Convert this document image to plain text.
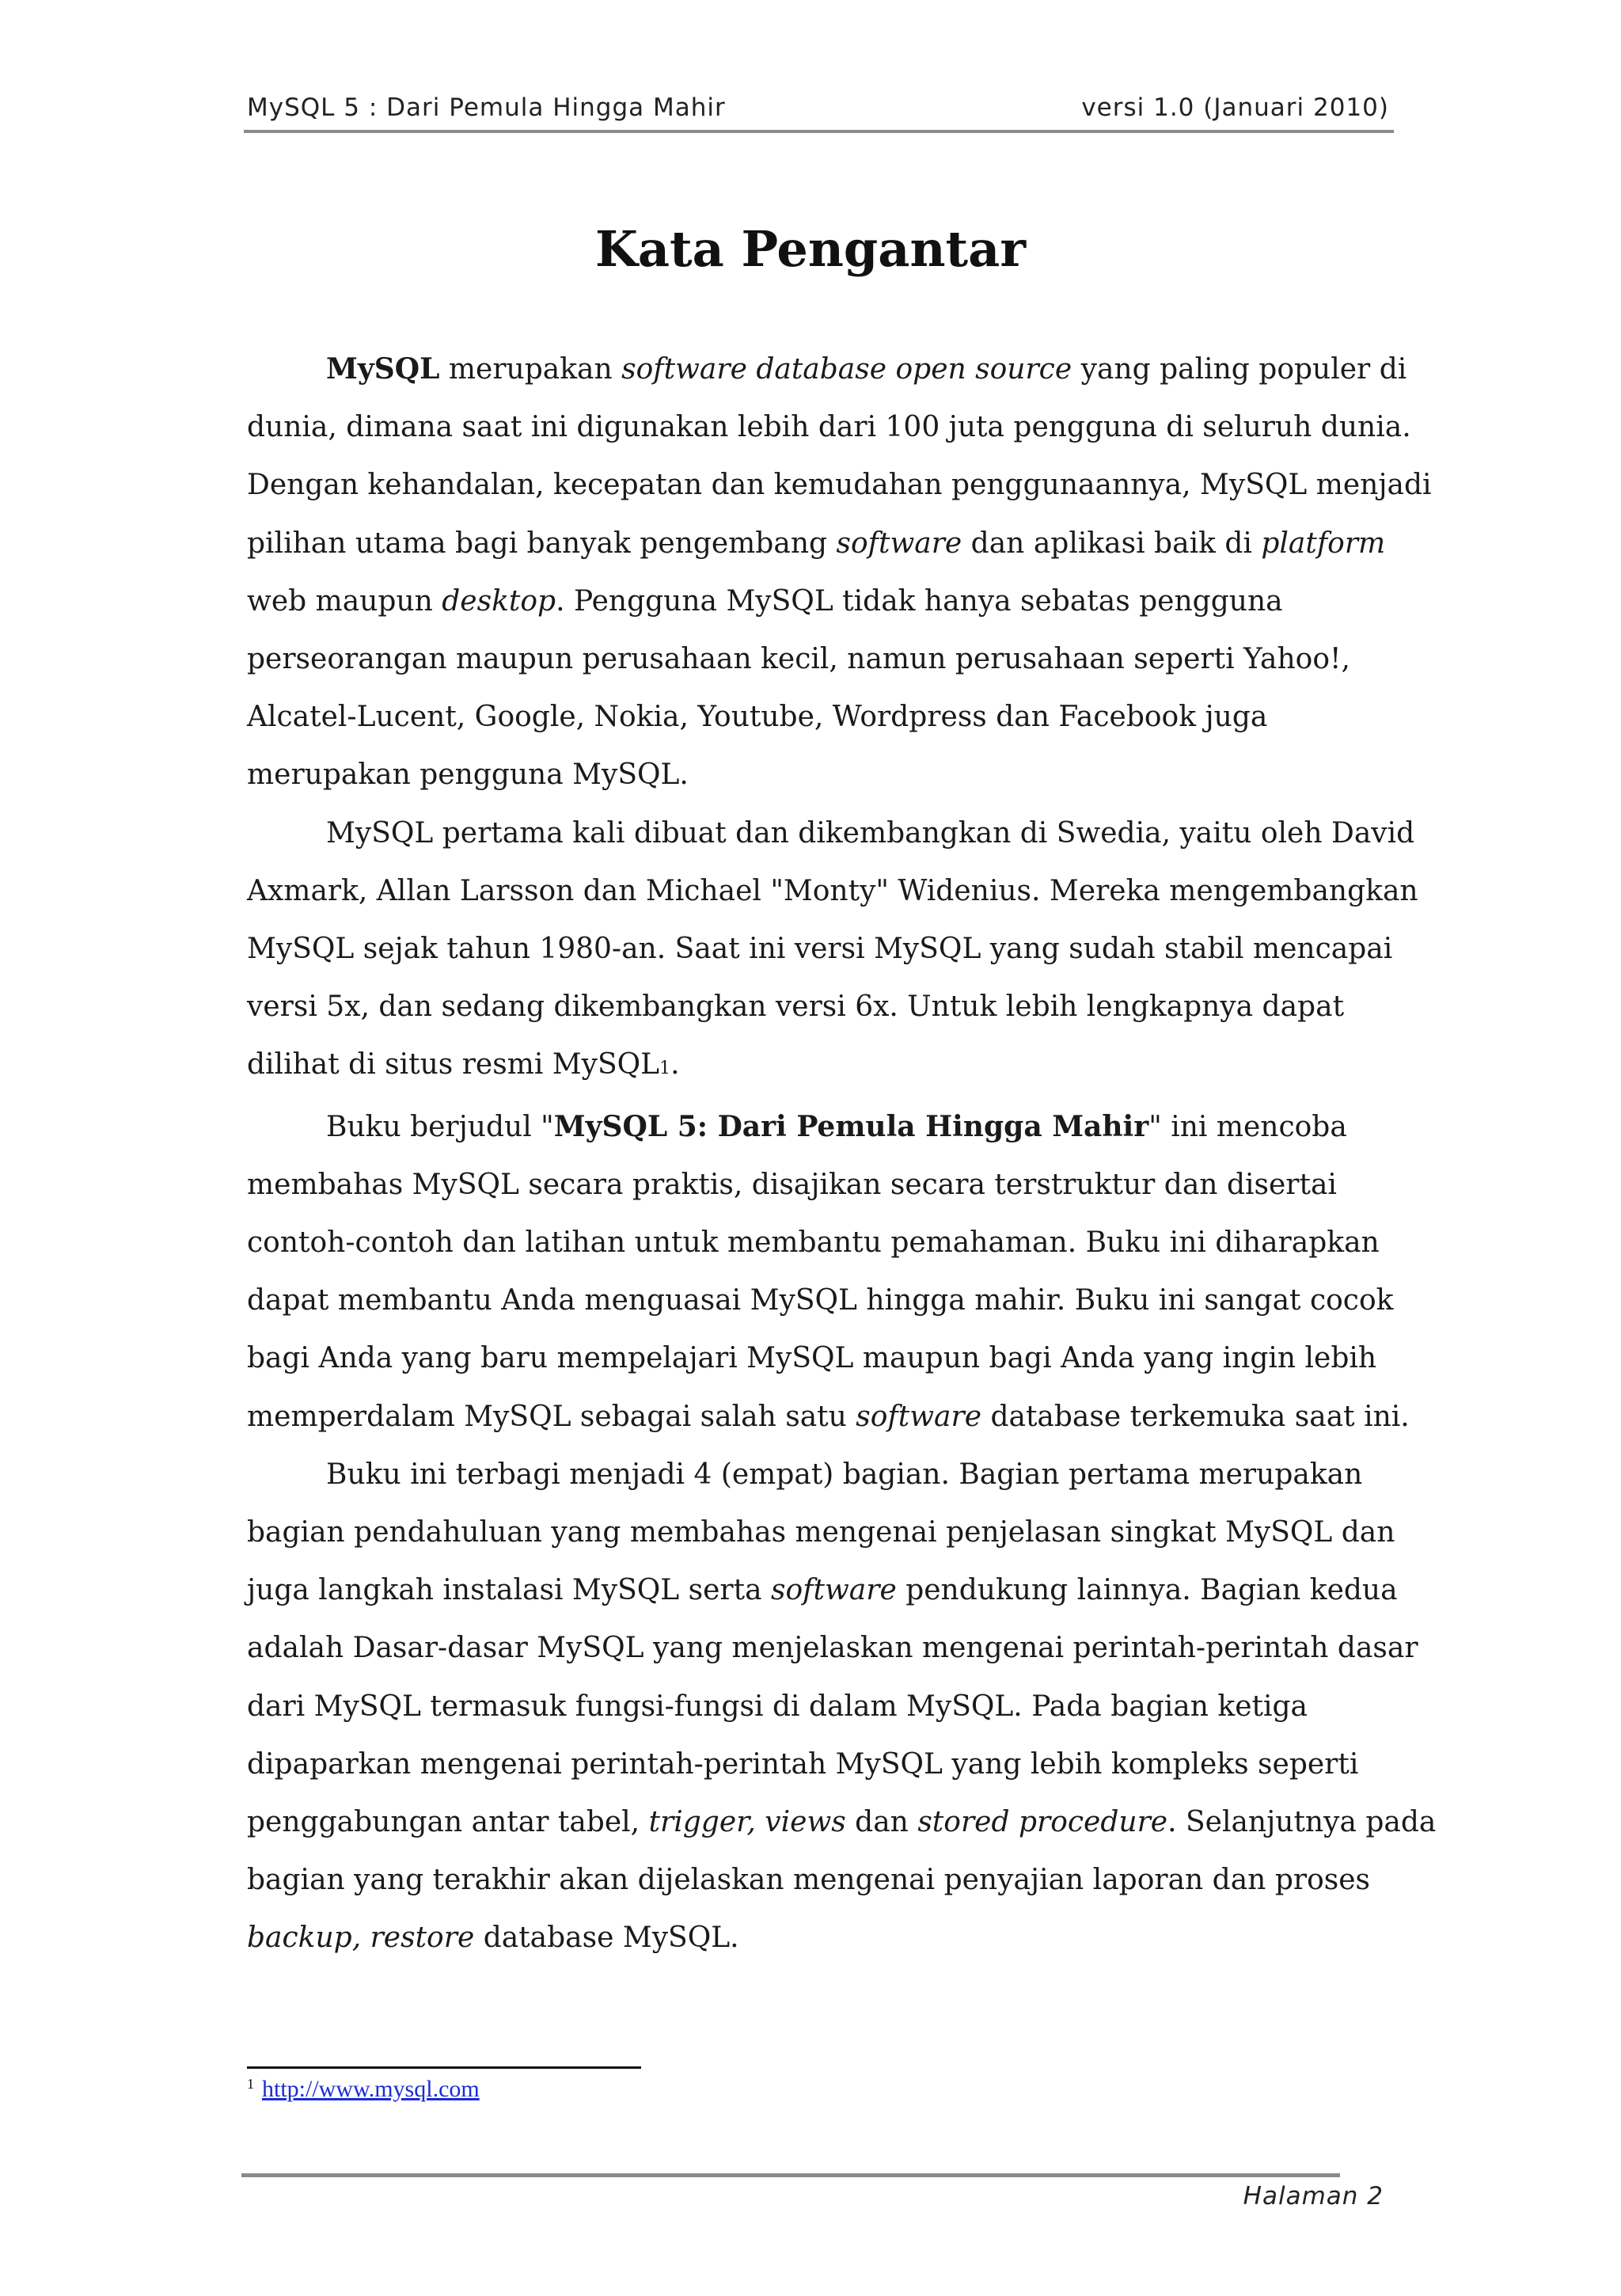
MySQL 5 : Dari Pemula Hingga Mahir	versi 1.0 (Januari 2010)
Kata Pengantar
MySQL merupakan software database open source yang paling populer di
dunia, dimana saat ini digunakan lebih dari 100 juta pengguna di seluruh dunia.
Dengan kehandalan, kecepatan dan kemudahan penggunaannya, MySQL menjadi
pilihan utama bagi banyak pengembang software dan aplikasi baik di platform
web maupun desktop. Pengguna MySQL tidak hanya sebatas pengguna
perseorangan maupun perusahaan kecil, namun perusahaan seperti Yahoo!,
Alcatel-Lucent, Google, Nokia, Youtube, Wordpress dan Facebook juga
merupakan pengguna MySQL.
MySQL pertama kali dibuat dan dikembangkan di Swedia, yaitu oleh David
Axmark, Allan Larsson dan Michael "Monty" Widenius. Mereka mengembangkan
MySQL sejak tahun 1980-an. Saat ini versi MySQL yang sudah stabil mencapai
versi 5x, dan sedang dikembangkan versi 6x. Untuk lebih lengkapnya dapat
dilihat di situs resmi MySQL1.
Buku berjudul "MySQL 5: Dari Pemula Hingga Mahir" ini mencoba
membahas MySQL secara praktis, disajikan secara terstruktur dan disertai
contoh-contoh dan latihan untuk membantu pemahaman. Buku ini diharapkan
dapat membantu Anda menguasai MySQL hingga mahir. Buku ini sangat cocok
bagi Anda yang baru mempelajari MySQL maupun bagi Anda yang ingin lebih
memperdalam MySQL sebagai salah satu software database terkemuka saat ini.
Buku ini terbagi menjadi 4 (empat) bagian. Bagian pertama merupakan
bagian pendahuluan yang membahas mengenai penjelasan singkat MySQL dan
juga langkah instalasi MySQL serta software pendukung lainnya. Bagian kedua
adalah Dasar-dasar MySQL yang menjelaskan mengenai perintah-perintah dasar
dari MySQL termasuk fungsi-fungsi di dalam MySQL. Pada bagian ketiga
dipaparkan mengenai perintah-perintah MySQL yang lebih kompleks seperti
penggabungan antar tabel, trigger, views dan stored procedure. Selanjutnya pada
bagian yang terakhir akan dijelaskan mengenai penyajian laporan dan proses
backup, restore database MySQL.
$^1$ http://www.mysql.com
Halaman 2
